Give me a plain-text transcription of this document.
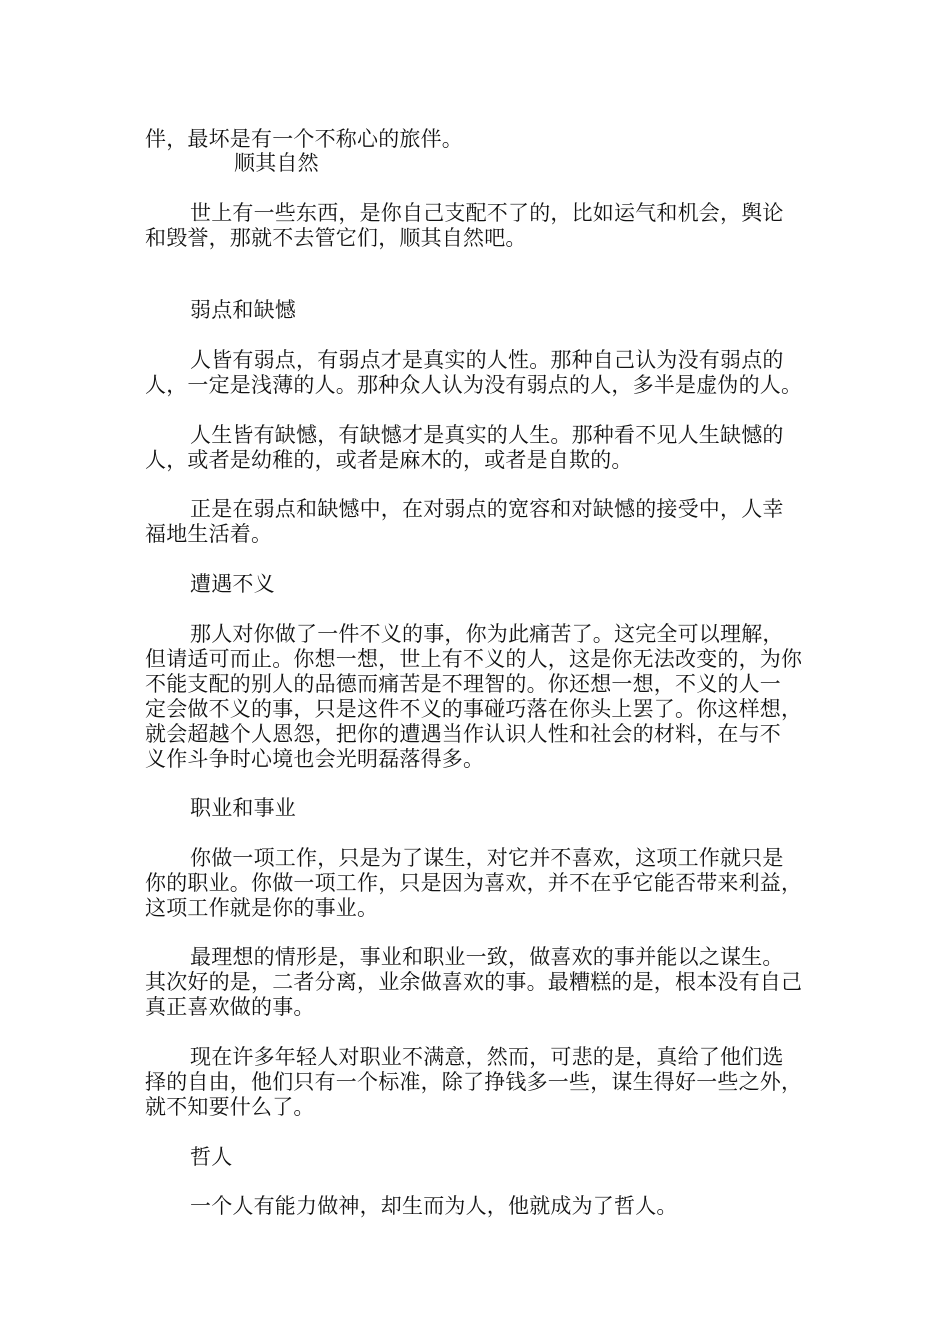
伴，最坏是有一个不称心的旅伴。
顺其自然
世上有一些东西，是你自己支配不了的，比如运气和机会，舆论
和毁誉，那就不去管它们，顺其自然吧。
弱点和缺憾
人皆有弱点，有弱点才是真实的人性。那种自己认为没有弱点的
人，一定是浅薄的人。那种众人认为没有弱点的人，多半是虚伪的人。
人生皆有缺憾，有缺憾才是真实的人生。那种看不见人生缺憾的
人，或者是幼稚的，或者是麻木的，或者是自欺的。
正是在弱点和缺憾中，在对弱点的宽容和对缺憾的接受中，人幸
福地生活着。
遭遇不义
那人对你做了一件不义的事，你为此痛苦了。这完全可以理解，
但请适可而止。你想一想，世上有不义的人，这是你无法改变的，为你
不能支配的别人的品德而痛苦是不理智的。你还想一想，不义的人一
定会做不义的事，只是这件不义的事碰巧落在你头上罢了。你这样想，
就会超越个人恩怨，把你的遭遇当作认识人性和社会的材料，在与不
义作斗争时心境也会光明磊落得多。
职业和事业
你做一项工作，只是为了谋生，对它并不喜欢，这项工作就只是
你的职业。你做一项工作，只是因为喜欢，并不在乎它能否带来利益，
这项工作就是你的事业。
最理想的情形是，事业和职业一致，做喜欢的事并能以之谋生。
其次好的是，二者分离，业余做喜欢的事。最糟糕的是，根本没有自己
真正喜欢做的事。
现在许多年轻人对职业不满意，然而，可悲的是，真给了他们选
择的自由，他们只有一个标准，除了挣钱多一些，谋生得好一些之外，
就不知要什么了。
哲人
一个人有能力做神，却生而为人，他就成为了哲人。
